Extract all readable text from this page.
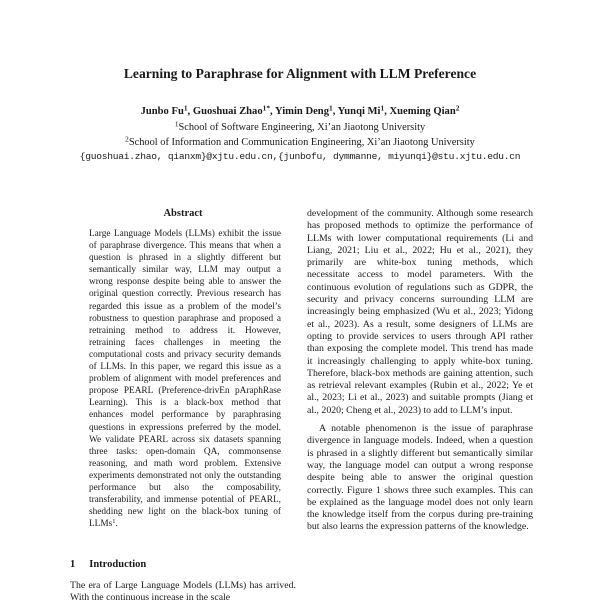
Learning to Paraphrase for Alignment with LLM Preference
Junbo Fu$^1$, Guoshuai Zhao$^{1*}$, Yimin Deng$^1$, Yunqi Mi$^1$, Xueming Qian$^2$
$^1$School of Software Engineering, Xi’an Jiaotong University
$^2$School of Information and Communication Engineering, Xi’an Jiaotong University
{guoshuai.zhao, qianxm}@xjtu.edu.cn,{junbofu, dymmanne, miyunqi}@stu.xjtu.edu.cn
Abstract

Large Language Models (LLMs) exhibit the issue of paraphrase divergence. This means that when a question is phrased in a slightly different but semantically similar way, LLM may output a wrong response despite being able to answer the original question correctly. Previous research has regarded this issue as a problem of the model’s robustness to question paraphrase and proposed a retraining method to address it. However, retraining faces challenges in meeting the computational costs and privacy security demands of LLMs. In this paper, we regard this issue as a problem of alignment with model preferences and propose PEARL (Preference-drivEn pAraphRase Learning). This is a black-box method that enhances model performance by paraphrasing questions in expressions preferred by the model. We validate PEARL across six datasets spanning three tasks: open-domain QA, commonsense reasoning, and math word problem. Extensive experiments demonstrated not only the outstanding performance but also the composability, transferability, and immense potential of PEARL, shedding new light on the black-box tuning of LLMs$^1$.

1 Introduction

The era of Large Language Models (LLMs) has arrived. With the continuous increase in the scale

development of the community. Although some research has proposed methods to optimize the performance of LLMs with lower computational requirements (Li and Liang, 2021; Liu et al., 2022; Hu et al., 2021), they primarily are white-box tuning methods, which necessitate access to model parameters. With the continuous evolution of regulations such as GDPR, the security and privacy concerns surrounding LLM are increasingly being emphasized (Wu et al., 2023; Yidong et al., 2023). As a result, some designers of LLMs are opting to provide services to users through API rather than exposing the complete model. This trend has made it increasingly challenging to apply white-box tuning. Therefore, black-box methods are gaining attention, such as retrieval relevant examples (Rubin et al., 2022; Ye et al., 2023; Li et al., 2023) and suitable prompts (Jiang et al., 2020; Cheng et al., 2023) to add to LLM’s input.

A notable phenomenon is the issue of paraphrase divergence in language models. Indeed, when a question is phrased in a slightly different but semantically similar way, the language model can output a wrong response despite being able to answer the original question correctly. Figure 1 shows three such examples. This can be explained as the language model does not only learn the knowledge itself from the corpus during pre-training but also learns the expression patterns of the knowledge.
